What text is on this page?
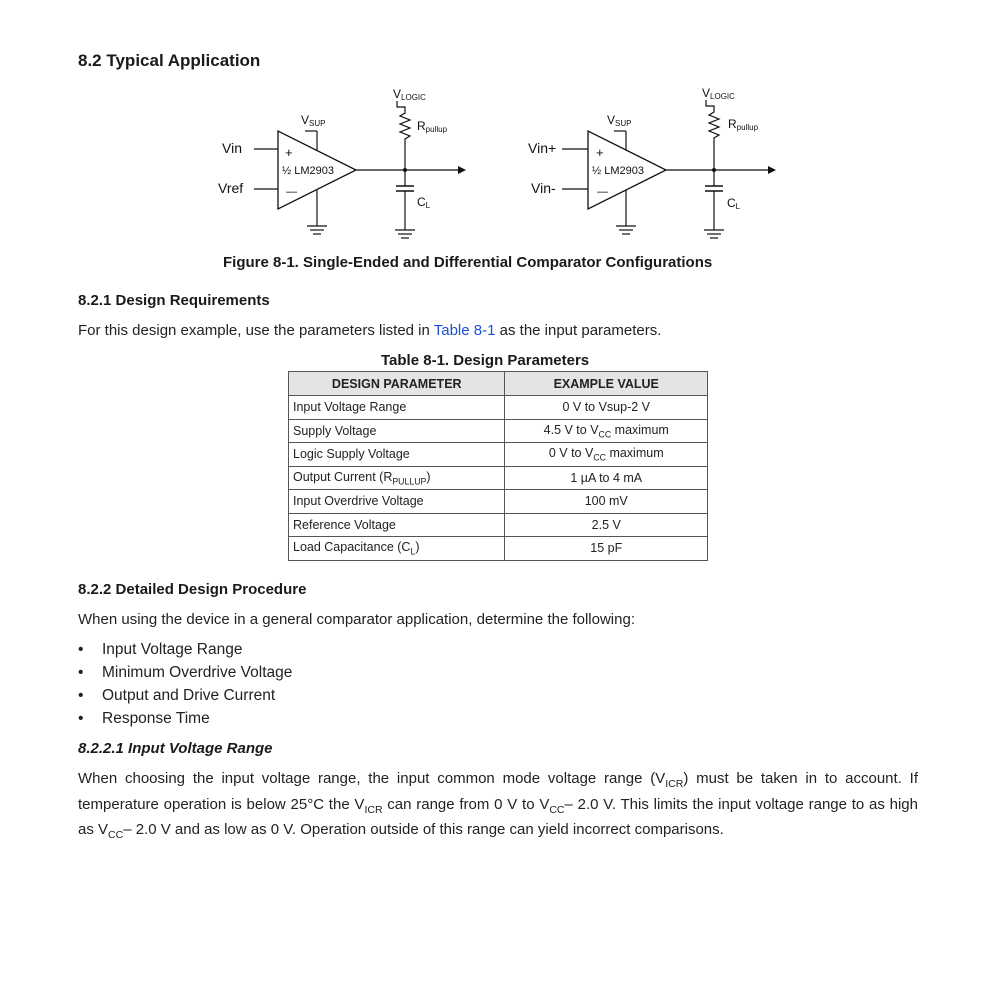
8.2 Typical Application
Vin
Vref
+
—
½ LM2903
VSUP
VLOGIC
Rpullup
CL
Vin+
Vin-
+
—
½ LM2903
VSUP
VLOGIC
Rpullup
CL
Figure 8-1. Single-Ended and Differential Comparator Configurations
8.2.1 Design Requirements
For this design example, use the parameters listed in Table 8-1 as the input parameters.
Table 8-1. Design Parameters
DESIGN PARAMETER	EXAMPLE VALUE
Input Voltage Range	0 V to Vsup-2 V
Supply Voltage	4.5 V to $V_{CC}$ maximum
Logic Supply Voltage	0 V to $V_{CC}$ maximum
Output Current $(R_{PULLUP})$	1 µA to 4 mA
Input Overdrive Voltage	100 mV
Reference Voltage	2.5 V
Load Capacitance $(C_L)$	15 pF
8.2.2 Detailed Design Procedure
When using the device in a general comparator application, determine the following:
• Input Voltage Range
• Minimum Overdrive Voltage
• Output and Drive Current
• Response Time
8.2.2.1 Input Voltage Range
When choosing the input voltage range, the input common mode voltage range $(V_{ICR})$ must be taken in to account. If temperature operation is below 25°C the $V_{ICR}$ can range from 0 V to $V_{CC}-$ 2.0 V. This limits the input voltage range to as high as $V_{CC}-$ 2.0 V and as low as 0 V. Operation outside of this range can yield incorrect comparisons.
